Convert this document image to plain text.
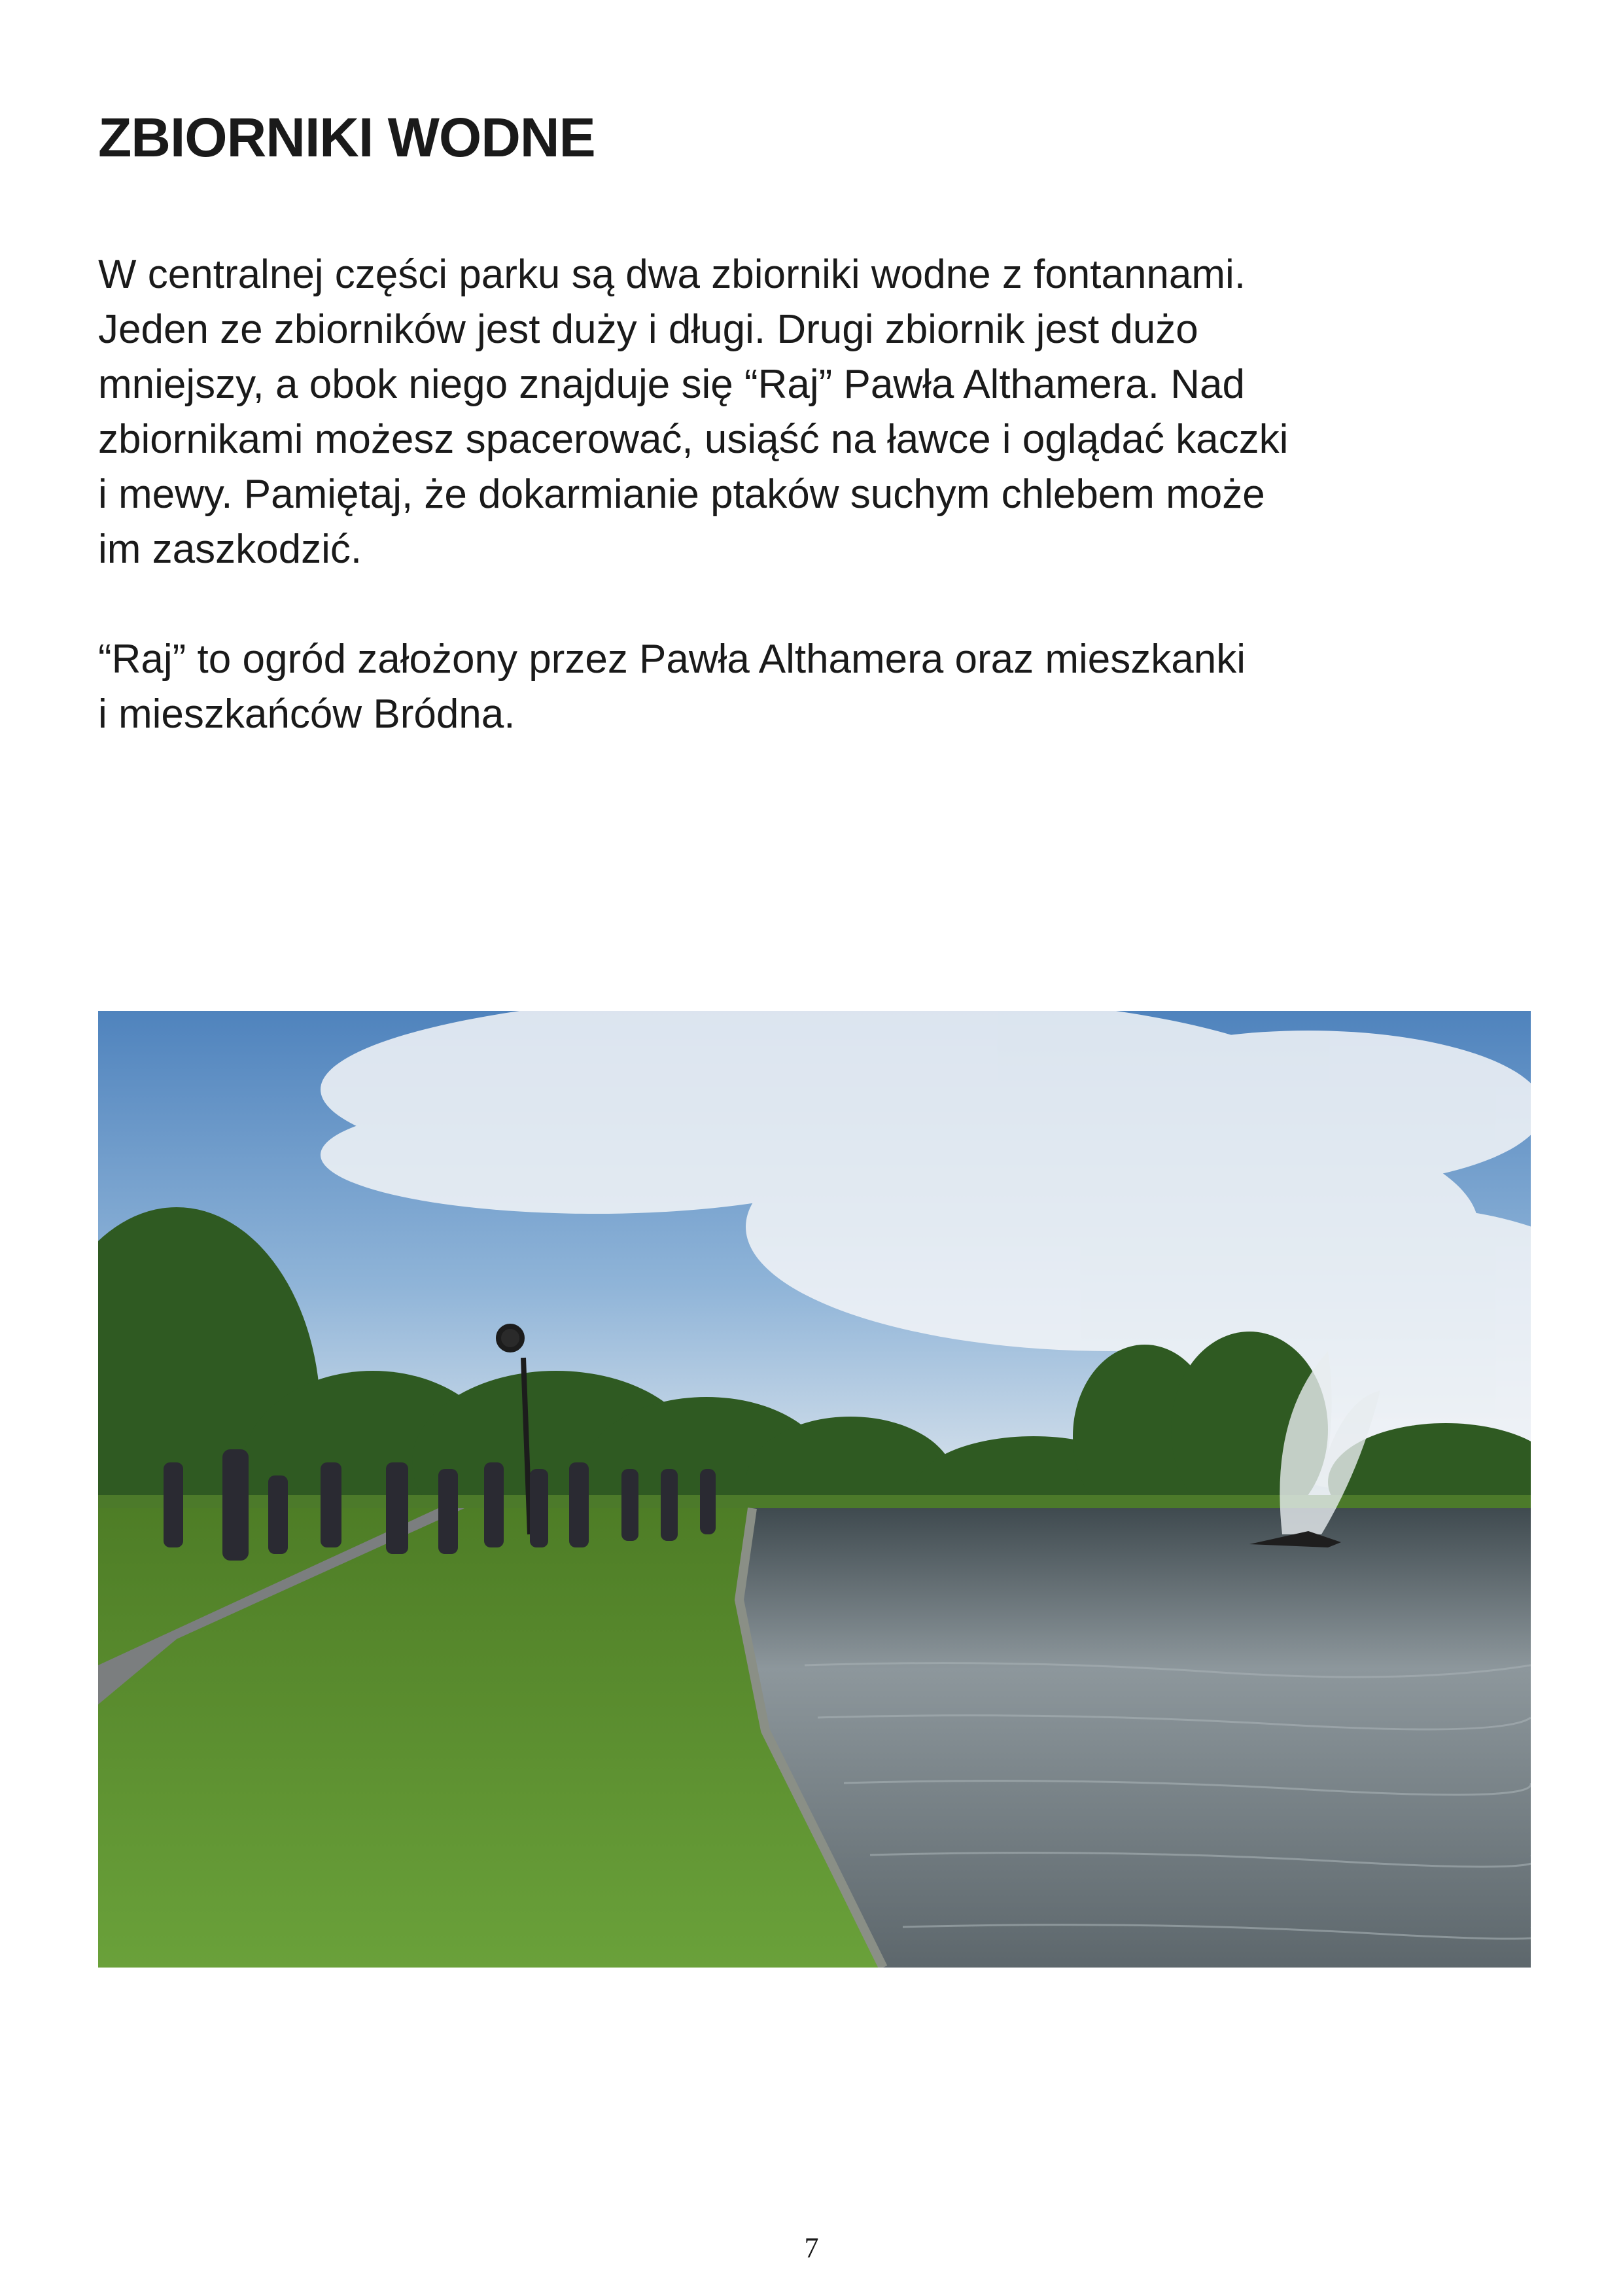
ZBIORNIKI WODNE

W centralnej części parku są dwa zbiorniki wodne z fontannami.
Jeden ze zbiorników jest duży i długi. Drugi zbiornik jest dużo
mniejszy, a obok niego znajduje się “Raj” Pawła Althamera. Nad
zbiornikami możesz spacerować, usiąść na ławce i oglądać kaczki
i mewy. Pamiętaj, że dokarmianie ptaków suchym chlebem może
im zaszkodzić.

“Raj” to ogród założony przez Pawła Althamera oraz mieszkanki
i mieszkańców Bródna.

7
